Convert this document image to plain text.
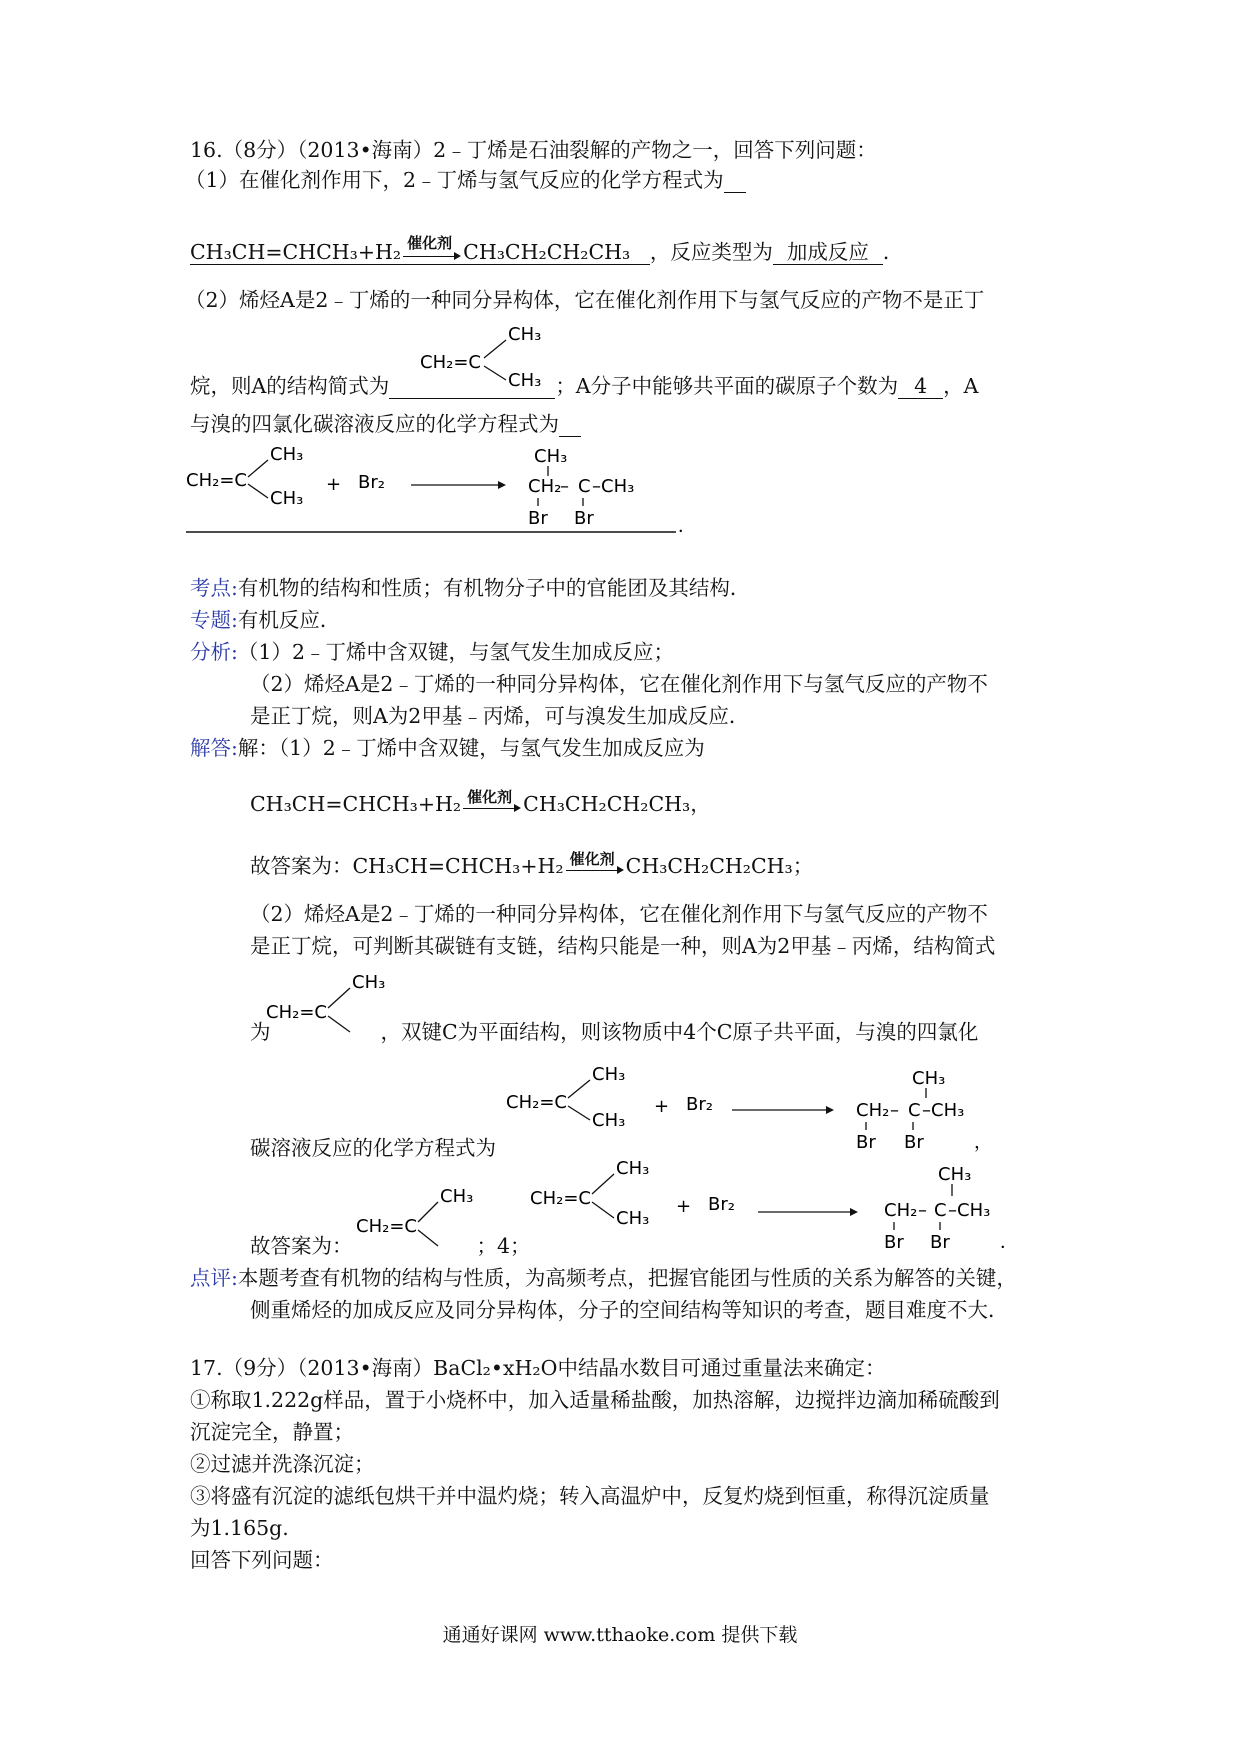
16.（8分）（2013•海南）2﹣丁烯是石油裂解的产物之一，回答下列问题：
（1）在催化剂作用下，2﹣丁烯与氢气反应的化学方程式为
CH₃CH=CHCH₃+H₂ 催化剂 CH₃CH₂CH₂CH₃ ，反应类型为 加成反应 ．
（2）烯烃A是2﹣丁烯的一种同分异构体，它在催化剂作用下与氢气反应的产物不是正丁
烷，则A的结构简式为	；A分子中能够共平面的碳原子个数为 4 ，A
CH₂=C
CH₃
CH₃
与溴的四氯化碳溶液反应的化学方程式为
CH₂=C
CH₃
CH₃
+ Br₂
CH₃
CH₂
– C –CH₃
Br Br	．
考点:有机物的结构和性质；有机物分子中的官能团及其结构．
专题:有机反应．
分析:（1）2﹣丁烯中含双键，与氢气发生加成反应；
（2）烯烃A是2﹣丁烯的一种同分异构体，它在催化剂作用下与氢气反应的产物不
是正丁烷，则A为2甲基﹣丙烯，可与溴发生加成反应．
解答:解：（1）2﹣丁烯中含双键，与氢气发生加成反应为
CH₃CH=CHCH₃+H₂ 催化剂 CH₃CH₂CH₂CH₃，
故答案为：CH₃CH=CHCH₃+H₂ 催化剂 CH₃CH₂CH₂CH₃；
（2）烯烃A是2﹣丁烯的一种同分异构体，它在催化剂作用下与氢气反应的产物不
是正丁烷，可判断其碳链有支链，结构只能是一种，则A为2甲基﹣丙烯，结构简式
为	，双键C为平面结构，则该物质中4个C原子共平面，与溴的四氯化
CH₂=C
CH₃
CH₂=C
CH₃
CH₃
+ Br₂
CH₃
CH₂ – C –CH₃
Br Br	，
碳溶液反应的化学方程式为
故答案为：	；4；
CH₂=C
CH₃	CH₂=C
CH₃
CH₃
+ Br₂
CH₃
CH₂ – C –CH₃
Br Br	．
点评:本题考查有机物的结构与性质，为高频考点，把握官能团与性质的关系为解答的关键，
侧重烯烃的加成反应及同分异构体，分子的空间结构等知识的考查，题目难度不大．
17.（9分）（2013•海南）BaCl₂•xH₂O中结晶水数目可通过重量法来确定：
①称取1.222g样品，置于小烧杯中，加入适量稀盐酸，加热溶解，边搅拌边滴加稀硫酸到
沉淀完全，静置；
②过滤并洗涤沉淀；
③将盛有沉淀的滤纸包烘干并中温灼烧；转入高温炉中，反复灼烧到恒重，称得沉淀质量
为1.165g.
回答下列问题：
通通好课网 www.tthaoke.com 提供下载
